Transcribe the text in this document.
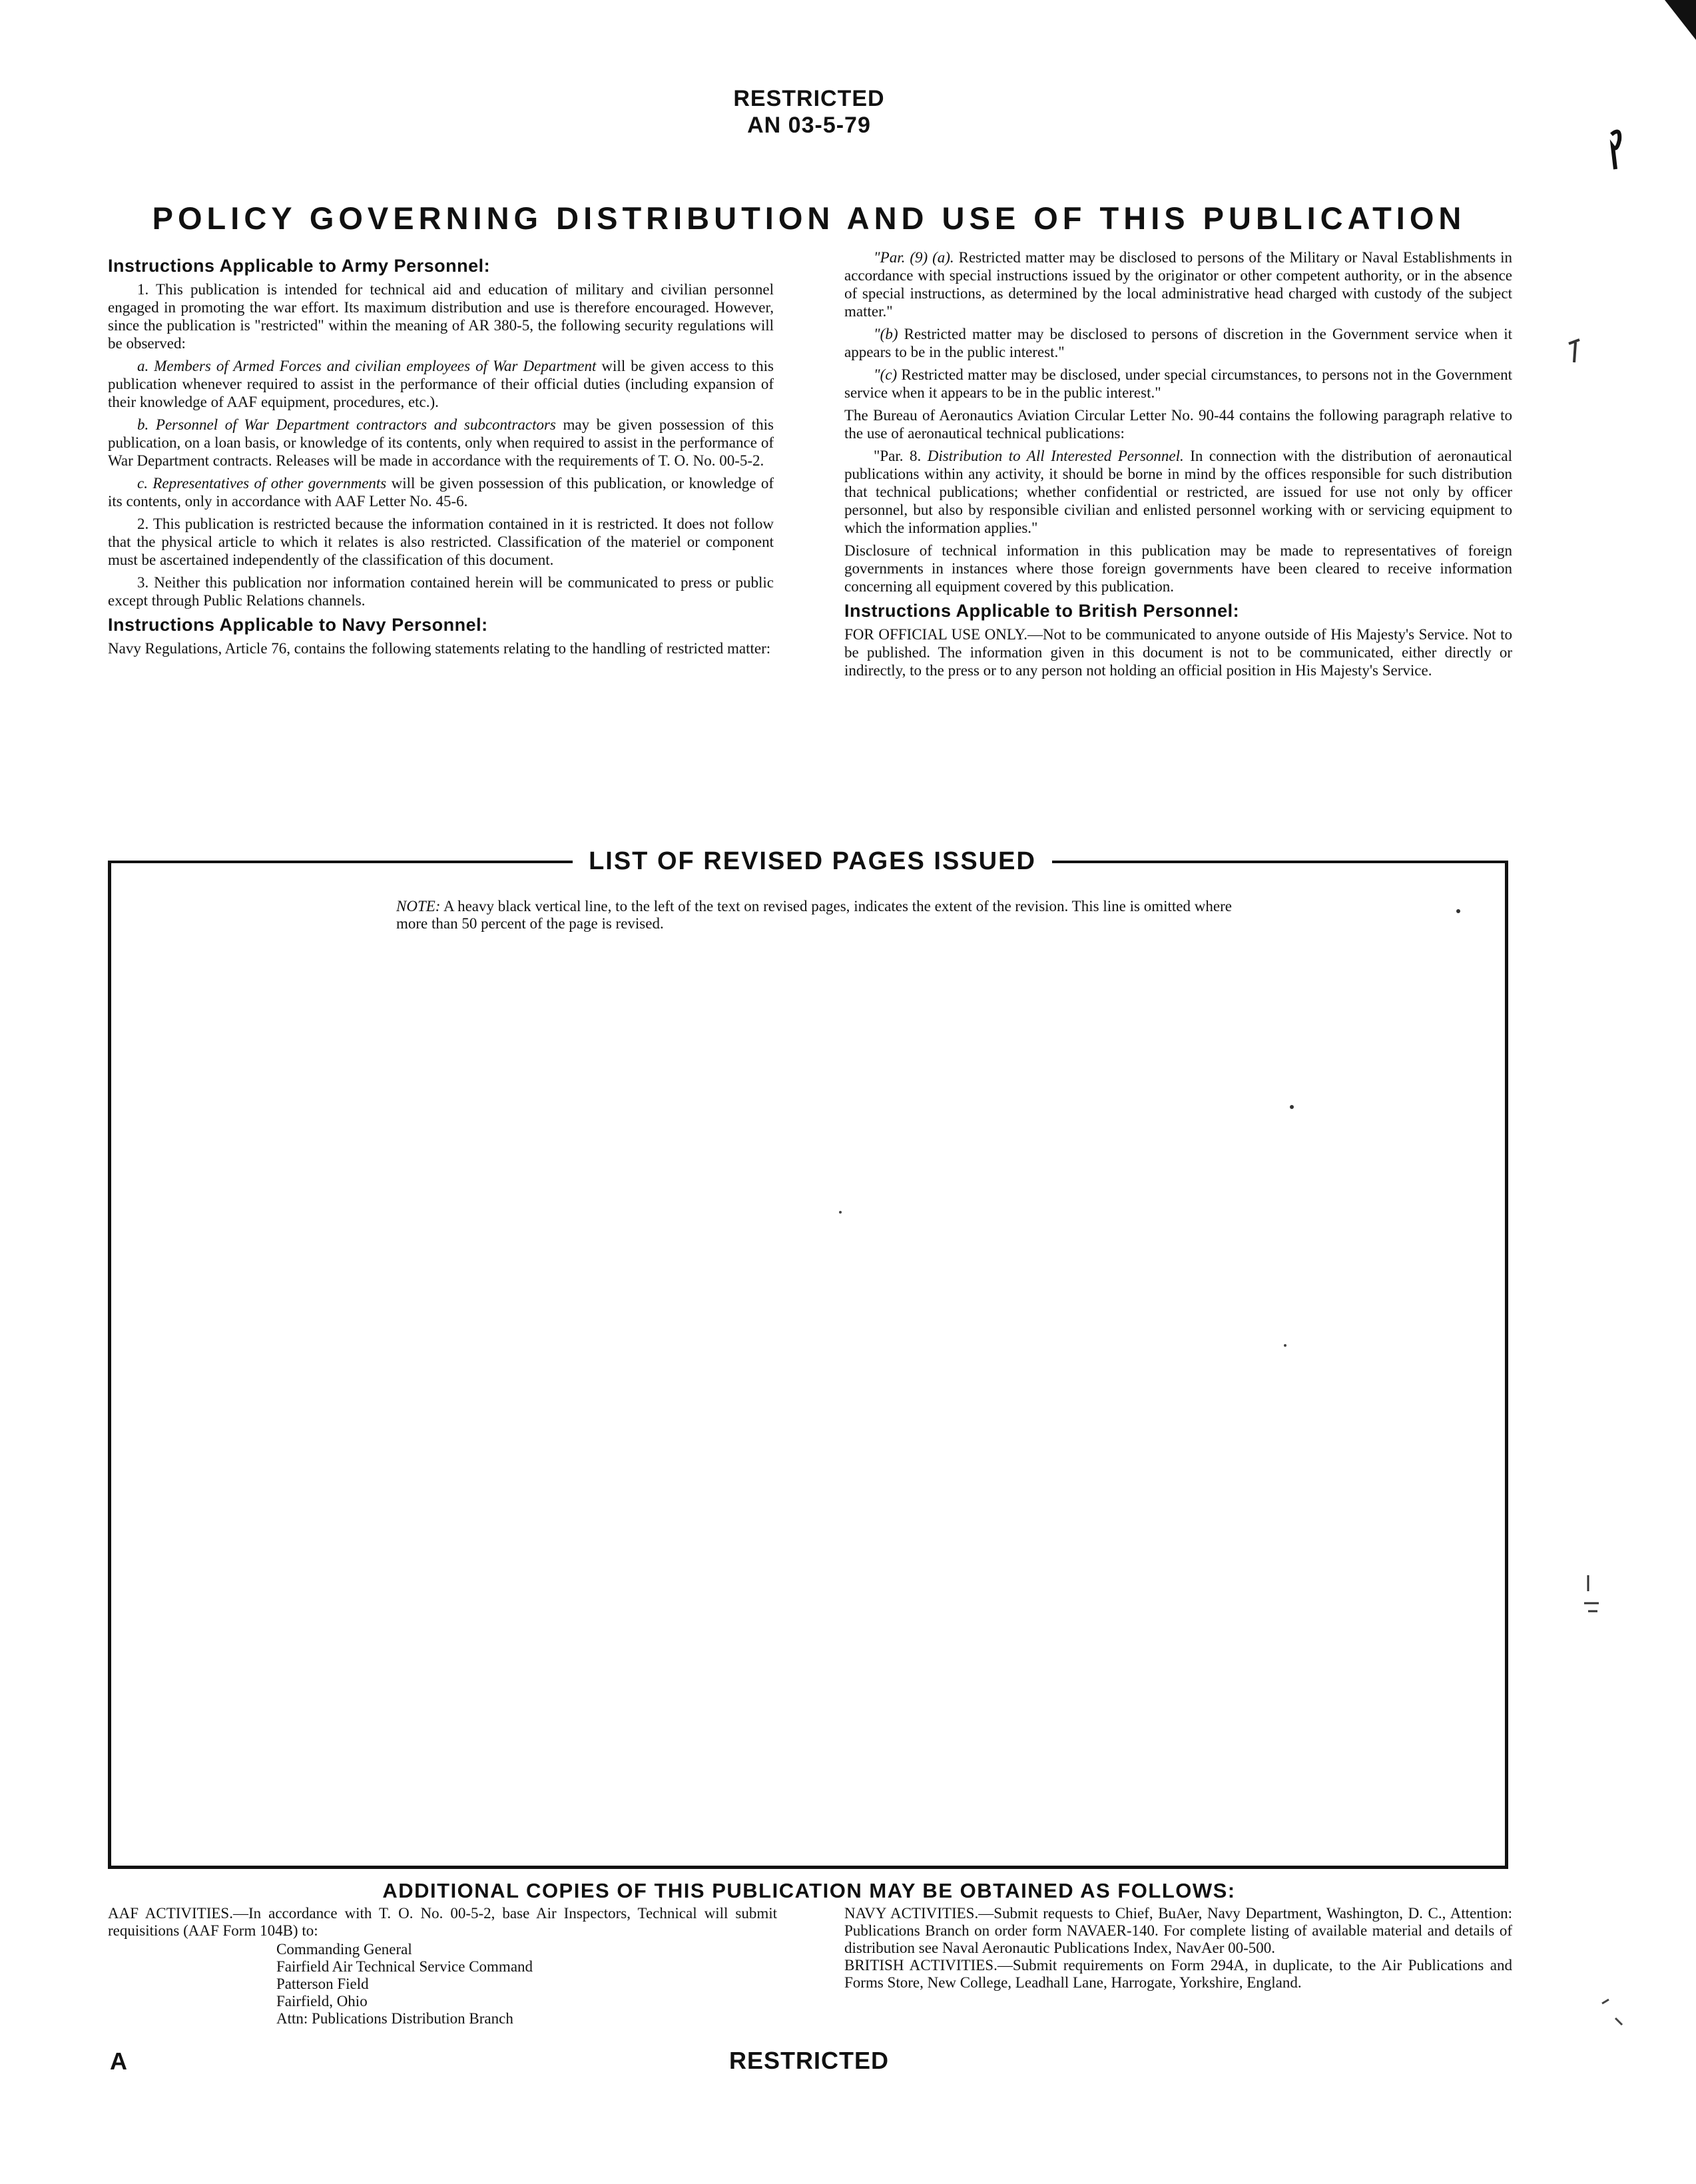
RESTRICTED
AN 03-5-79
POLICY GOVERNING DISTRIBUTION AND USE OF THIS PUBLICATION
Instructions Applicable to Army Personnel:

1. This publication is intended for technical aid and education of military and civilian personnel engaged in promoting the war effort. Its maximum distribution and use is therefore encouraged. However, since the publication is "restricted" within the meaning of AR 380-5, the following security regulations will be observed:

a. Members of Armed Forces and civilian employees of War Department will be given access to this publication whenever required to assist in the performance of their official duties (including expansion of their knowledge of AAF equipment, procedures, etc.).

b. Personnel of War Department contractors and subcontractors may be given possession of this publication, on a loan basis, or knowledge of its contents, only when required to assist in the performance of War Department contracts. Releases will be made in accordance with the requirements of T. O. No. 00-5-2.

c. Representatives of other governments will be given possession of this publication, or knowledge of its contents, only in accordance with AAF Letter No. 45-6.

2. This publication is restricted because the information contained in it is restricted. It does not follow that the physical article to which it relates is also restricted. Classification of the materiel or component must be ascertained independently of the classification of this document.

3. Neither this publication nor information contained herein will be communicated to press or public except through Public Relations channels.

Instructions Applicable to Navy Personnel:

Navy Regulations, Article 76, contains the following statements relating to the handling of restricted matter:

"Par. (9) (a). Restricted matter may be disclosed to persons of the Military or Naval Establishments in accordance with special instructions issued by the originator or other competent authority, or in the absence of special instructions, as determined by the local administrative head charged with custody of the subject matter."

"(b) Restricted matter may be disclosed to persons of discretion in the Government service when it appears to be in the public interest."

"(c) Restricted matter may be disclosed, under special circumstances, to persons not in the Government service when it appears to be in the public interest."

The Bureau of Aeronautics Aviation Circular Letter No. 90-44 contains the following paragraph relative to the use of aeronautical technical publications:

"Par. 8. Distribution to All Interested Personnel. In connection with the distribution of aeronautical publications within any activity, it should be borne in mind by the offices responsible for such distribution that technical publications; whether confidential or restricted, are issued for use not only by officer personnel, but also by responsible civilian and enlisted personnel working with or servicing equipment to which the information applies."

Disclosure of technical information in this publication may be made to representatives of foreign governments in instances where those foreign governments have been cleared to receive information concerning all equipment covered by this publication.

Instructions Applicable to British Personnel:

FOR OFFICIAL USE ONLY.—Not to be communicated to anyone outside of His Majesty's Service. Not to be published. The information given in this document is not to be communicated, either directly or indirectly, to the press or to any person not holding an official position in His Majesty's Service.

LIST OF REVISED PAGES ISSUED
NOTE: A heavy black vertical line, to the left of the text on revised pages, indicates the extent of the revision. This line is omitted where more than 50 percent of the page is revised.
ADDITIONAL COPIES OF THIS PUBLICATION MAY BE OBTAINED AS FOLLOWS:

AAF ACTIVITIES.—In accordance with T. O. No. 00-5-2, base Air Inspectors, Technical will submit requisitions (AAF Form 104B) to:

Commanding General
Fairfield Air Technical Service Command
Patterson Field
Fairfield, Ohio
Attn: Publications Distribution Branch

NAVY ACTIVITIES.—Submit requests to Chief, BuAer, Navy Department, Washington, D. C., Attention: Publications Branch on order form NAVAER-140. For complete listing of available material and details of distribution see Naval Aeronautic Publications Index, NavAer 00-500.

BRITISH ACTIVITIES.—Submit requirements on Form 294A, in duplicate, to the Air Publications and Forms Store, New College, Leadhall Lane, Harrogate, Yorkshire, England.

A	RESTRICTED
